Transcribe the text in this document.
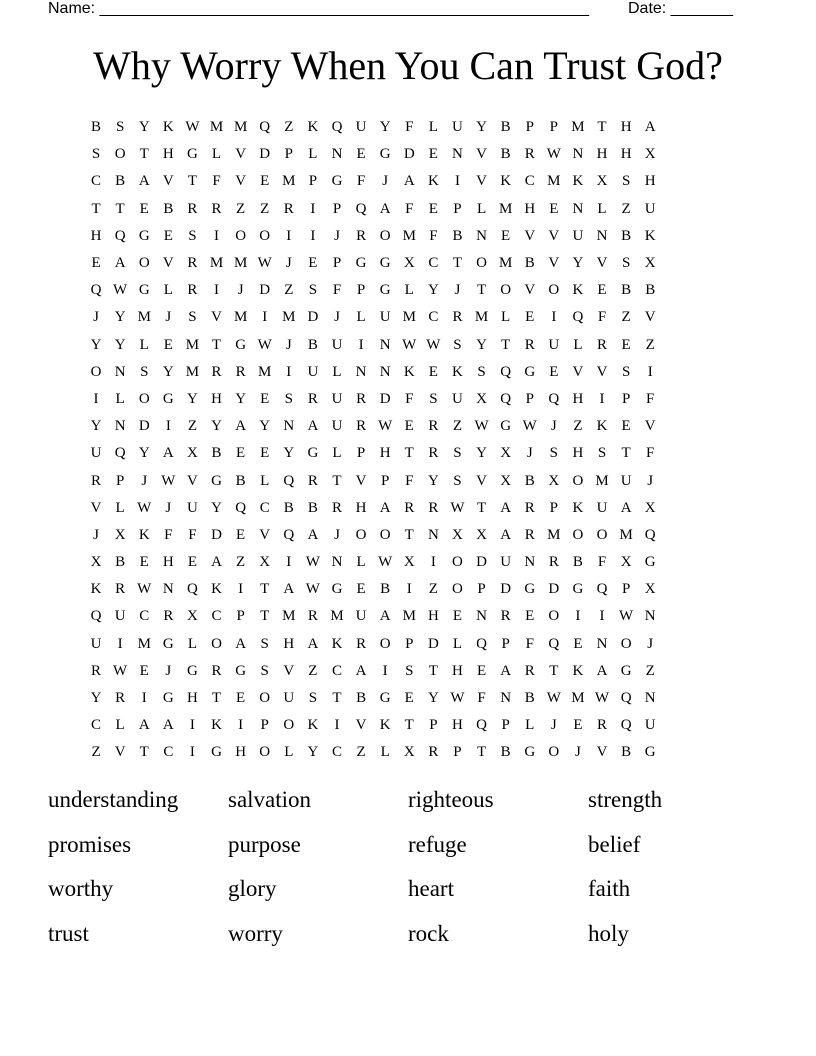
Name: _______________________________________________________

Date: _______

Why Worry When You Can Trust God?
B S Y K W M M Q Z K Q U Y F	L U Y B P	P M T H A
S O T H G L V D P	L N E G D E N V B R W N H H X
C B A V T	F V E M P G F	J	A K	I	V K C M K X S H
T T E B R R Z Z R	I	P Q A F	E	P	L M H E N L Z U
H Q G E	S	I	O O	I	I	J	R O M F B N E V V U N B K
E A O V R M M W J	E	P G G X C T O M B V Y V S X
Q W G L R	I	J	D Z	S	F	P G L Y	J	T O V O K E B B
J	Y M J	S V M I M D	J	L U M C R M L E	I	Q F	Z V
Y Y L E M T G W J	B U	I	N W W S Y T R U L R E Z
O N S Y M R R M I	U L N N K E K S Q G E V V S	I
I	L O G Y H Y E	S R U R D F	S U X Q P Q H	I	P	F
Y N D	I	Z Y A Y N A U R W E R Z W G W J	Z K E V
U Q Y A X B E E Y G L	P H T R S Y X	J	S H S	T	F
R P	J W V G B L Q R T V P	F Y S V X B X O M U	J
V L W J	U Y Q C B B R H A R R W T A R P K U A X
J	X K F	F D E V Q A	J	O O T N X X A R M O O M Q
X B E H E A Z X	I W N L W X	I	O D U N R B F X G
K R W N Q K	I	T A W G E B	I	Z O P D G D G Q P X
Q U C R X C P	T M R M U A M H E N R E O	I	I W N
U	I M G L O A S H A K R O P D L Q P	F Q E N O	J
R W E	J	G R G S V Z C A	I	S	T H E A R T K A G Z
Y R	I	G H T E O U S	T B G E Y W F N B W M W Q N
C L A A	I	K	I	P O K	I	V K T	P H Q P	L	J	E R Q U
Z V T C	I	G H O L Y C Z L X R P	T B G O	J	V B G
understanding	salvation	righteous	strength
promises	purpose	refuge	belief
worthy	glory	heart	faith
trust	worry	rock	holy
